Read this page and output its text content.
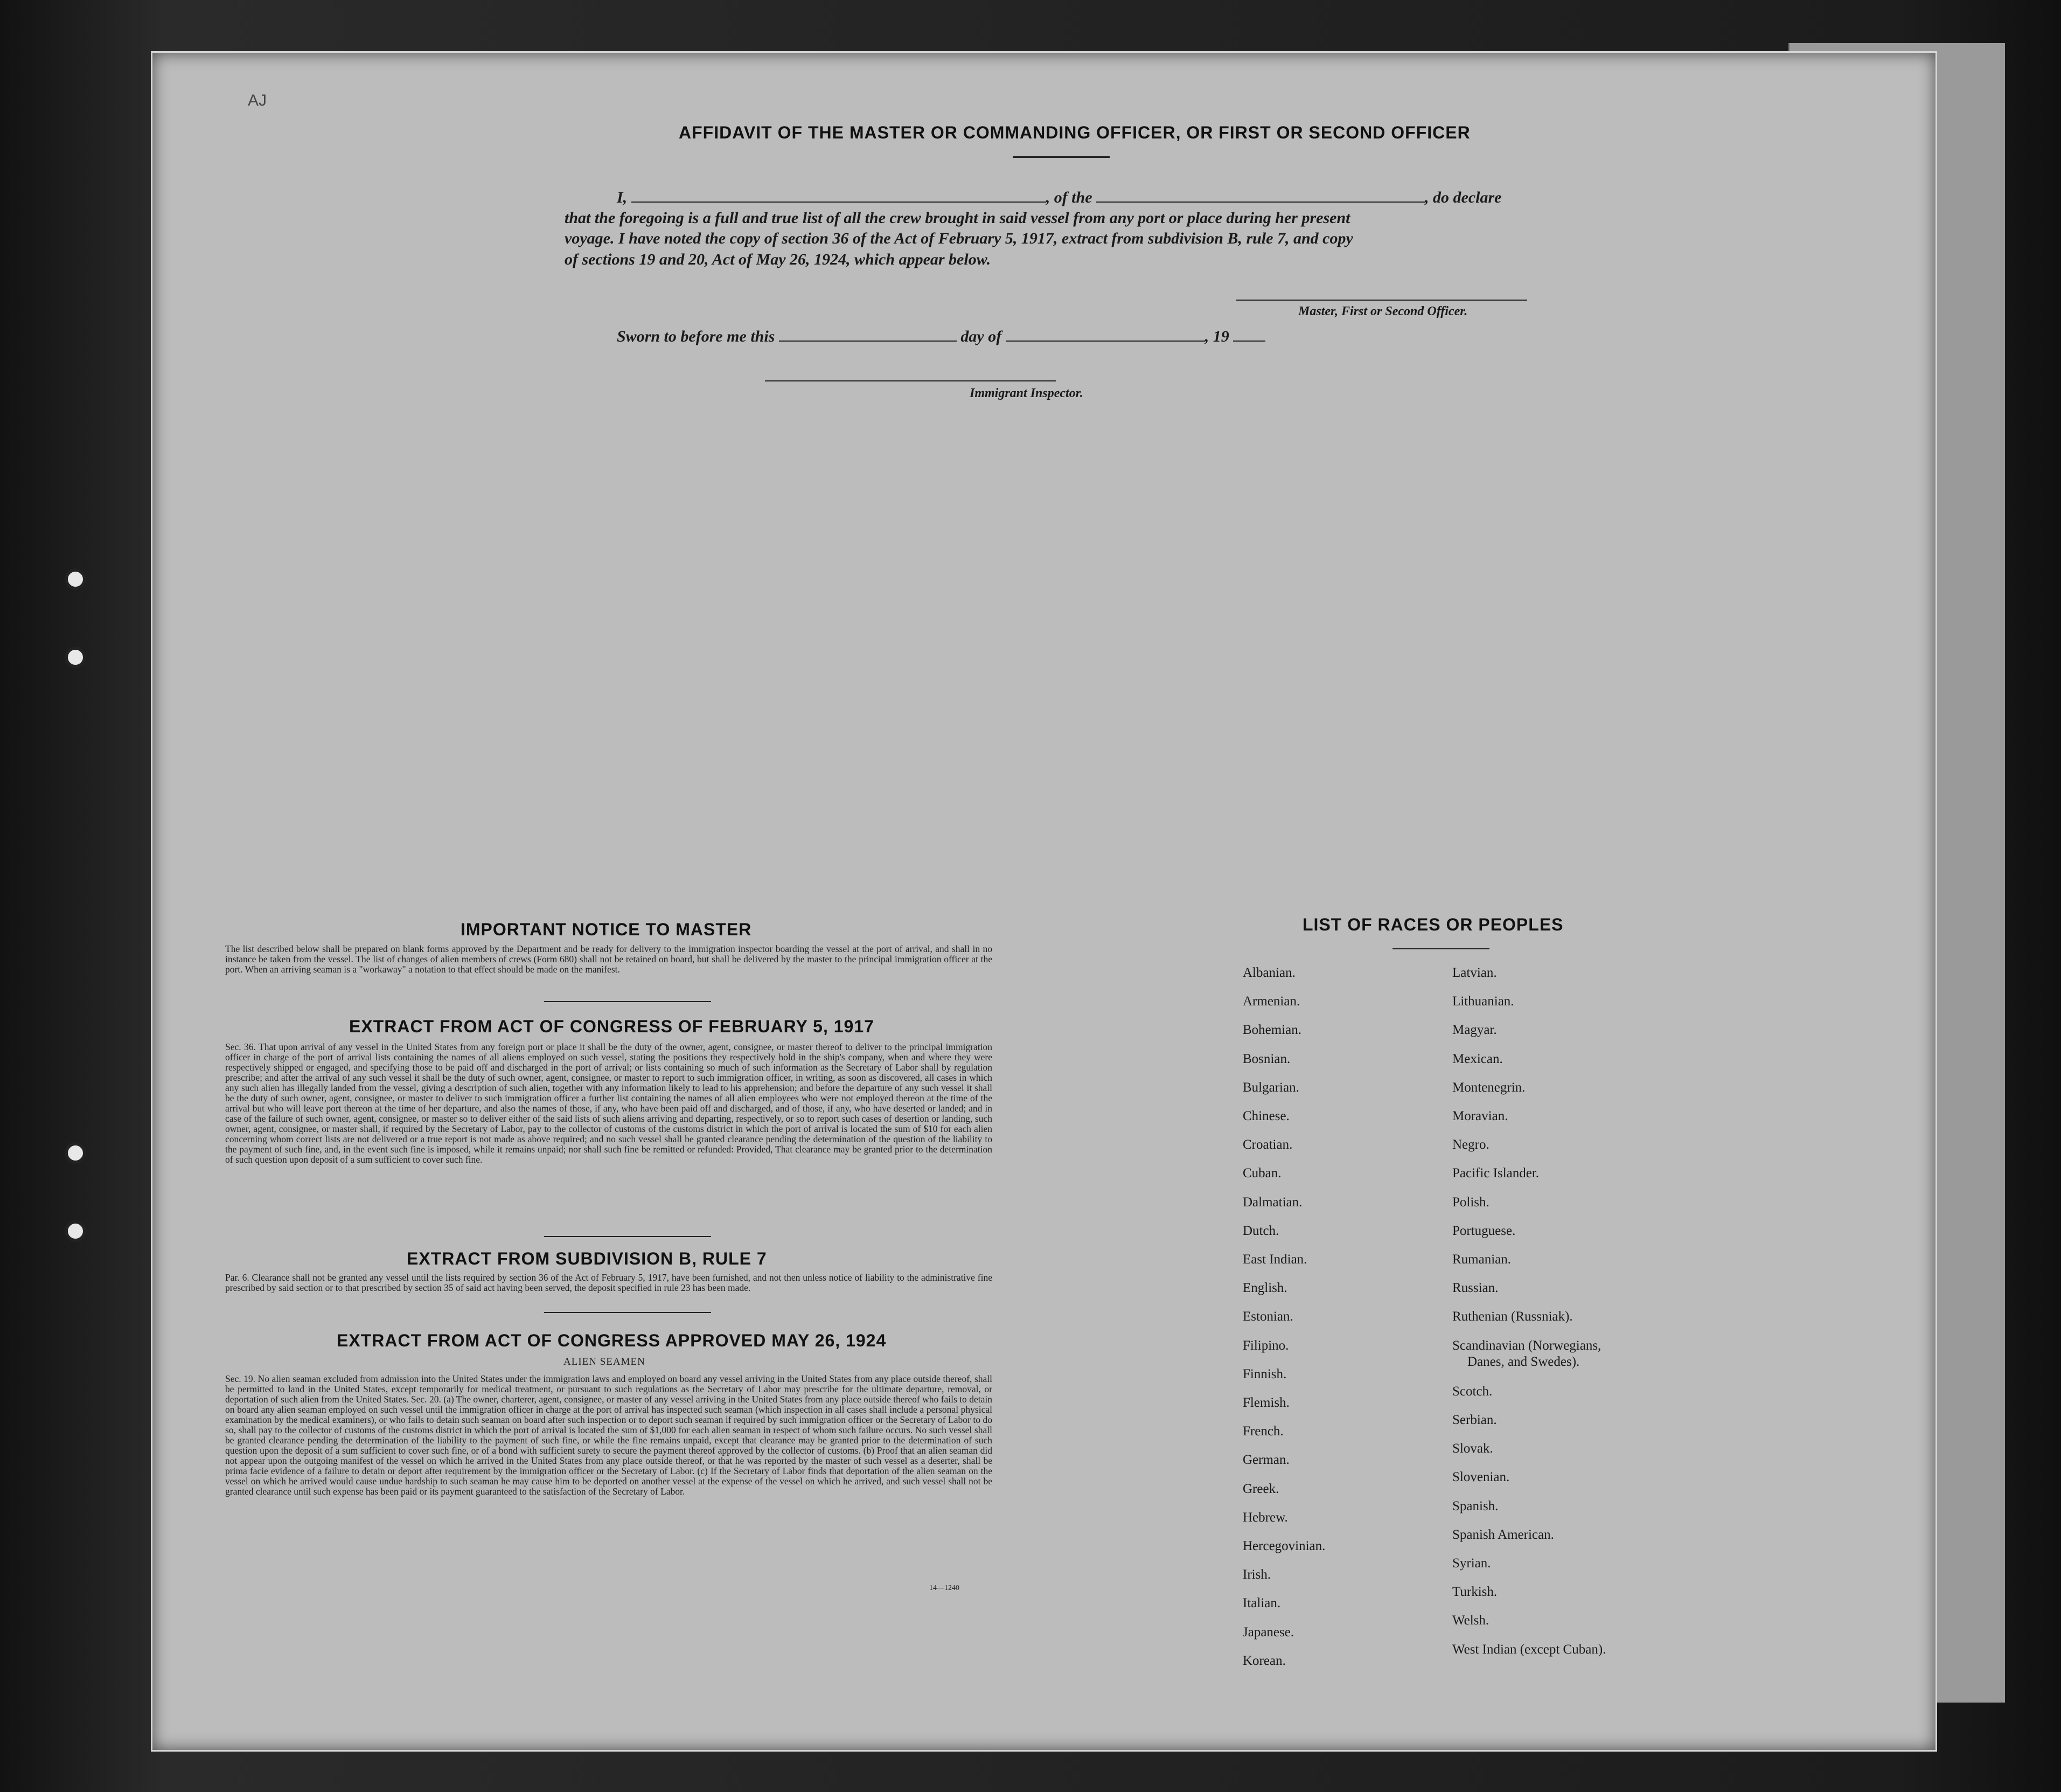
AJ
AFFIDAVIT OF THE MASTER OR COMMANDING OFFICER, OR FIRST OR SECOND OFFICER
I,	, of the	, do declare
that the foregoing is a full and true list of all the crew brought in said vessel from any port or place during her present
voyage. I have noted the copy of section 36 of the Act of February 5, 1917, extract from subdivision B, rule 7, and copy
of sections 19 and 20, Act of May 26, 1924, which appear below.
Master, First or Second Officer.
Sworn to before me this	day of	, 19
Immigrant Inspector.
IMPORTANT NOTICE TO MASTER
The list described below shall be prepared on blank forms approved by the Department and be ready for delivery to the immigration inspector boarding the vessel at the port of arrival, and shall in no instance be taken from the vessel. The list of changes of alien members of crews (Form 680) shall not be retained on board, but shall be delivered by the master to the principal immigration officer at the port. When an arriving seaman is a "workaway" a notation to that effect should be made on the manifest.
EXTRACT FROM ACT OF CONGRESS OF FEBRUARY 5, 1917
Sec. 36. That upon arrival of any vessel in the United States from any foreign port or place it shall be the duty of the owner, agent, consignee, or master thereof to deliver to the principal immigration officer in charge of the port of arrival lists containing the names of all aliens employed on such vessel, stating the positions they respectively hold in the ship's company, when and where they were respectively shipped or engaged, and specifying those to be paid off and discharged in the port of arrival; or lists containing so much of such information as the Secretary of Labor shall by regulation prescribe; and after the arrival of any such vessel it shall be the duty of such owner, agent, consignee, or master to report to such immigration officer, in writing, as soon as discovered, all cases in which any such alien has illegally landed from the vessel, giving a description of such alien, together with any information likely to lead to his apprehension; and before the departure of any such vessel it shall be the duty of such owner, agent, consignee, or master to deliver to such immigration officer a further list containing the names of all alien employees who were not employed thereon at the time of the arrival but who will leave port thereon at the time of her departure, and also the names of those, if any, who have been paid off and discharged, and of those, if any, who have deserted or landed; and in case of the failure of such owner, agent, consignee, or master so to deliver either of the said lists of such aliens arriving and departing, respectively, or so to report such cases of desertion or landing, such owner, agent, consignee, or master shall, if required by the Secretary of Labor, pay to the collector of customs of the customs district in which the port of arrival is located the sum of $10 for each alien concerning whom correct lists are not delivered or a true report is not made as above required; and no such vessel shall be granted clearance pending the determination of the question of the liability to the payment of such fine, and, in the event such fine is imposed, while it remains unpaid; nor shall such fine be remitted or refunded: Provided, That clearance may be granted prior to the determination of such question upon deposit of a sum sufficient to cover such fine.
EXTRACT FROM SUBDIVISION B, RULE 7
Par. 6. Clearance shall not be granted any vessel until the lists required by section 36 of the Act of February 5, 1917, have been furnished, and not then unless notice of liability to the administrative fine prescribed by said section or to that prescribed by section 35 of said act having been served, the deposit specified in rule 23 has been made.
EXTRACT FROM ACT OF CONGRESS APPROVED MAY 26, 1924
ALIEN SEAMEN
Sec. 19. No alien seaman excluded from admission into the United States under the immigration laws and employed on board any vessel arriving in the United States from any place outside thereof, shall be permitted to land in the United States, except temporarily for medical treatment, or pursuant to such regulations as the Secretary of Labor may prescribe for the ultimate departure, removal, or deportation of such alien from the United States. Sec. 20. (a) The owner, charterer, agent, consignee, or master of any vessel arriving in the United States from any place outside thereof who fails to detain on board any alien seaman employed on such vessel until the immigration officer in charge at the port of arrival has inspected such seaman (which inspection in all cases shall include a personal physical examination by the medical examiners), or who fails to detain such seaman on board after such inspection or to deport such seaman if required by such immigration officer or the Secretary of Labor to do so, shall pay to the collector of customs of the customs district in which the port of arrival is located the sum of $1,000 for each alien seaman in respect of whom such failure occurs. No such vessel shall be granted clearance pending the determination of the liability to the payment of such fine, or while the fine remains unpaid, except that clearance may be granted prior to the determination of such question upon the deposit of a sum sufficient to cover such fine, or of a bond with sufficient surety to secure the payment thereof approved by the collector of customs. (b) Proof that an alien seaman did not appear upon the outgoing manifest of the vessel on which he arrived in the United States from any place outside thereof, or that he was reported by the master of such vessel as a deserter, shall be prima facie evidence of a failure to detain or deport after requirement by the immigration officer or the Secretary of Labor. (c) If the Secretary of Labor finds that deportation of the alien seaman on the vessel on which he arrived would cause undue hardship to such seaman he may cause him to be deported on another vessel at the expense of the vessel on which he arrived, and such vessel shall not be granted clearance until such expense has been paid or its payment guaranteed to the satisfaction of the Secretary of Labor.
14—1240
LIST OF RACES OR PEOPLES
Albanian.
Armenian.
Bohemian.
Bosnian.
Bulgarian.
Chinese.
Croatian.
Cuban.
Dalmatian.
Dutch.
East Indian.
English.
Estonian.
Filipino.
Finnish.
Flemish.
French.
German.
Greek.
Hebrew.
Hercegovinian.
Irish.
Italian.
Japanese.
Korean.
Latvian.
Lithuanian.
Magyar.
Mexican.
Montenegrin.
Moravian.
Negro.
Pacific Islander.
Polish.
Portuguese.
Rumanian.
Russian.
Ruthenian (Russniak).
Scandinavian (Norwegians,
Danes, and Swedes).
Scotch.
Serbian.
Slovak.
Slovenian.
Spanish.
Spanish American.
Syrian.
Turkish.
Welsh.
West Indian (except Cuban).
